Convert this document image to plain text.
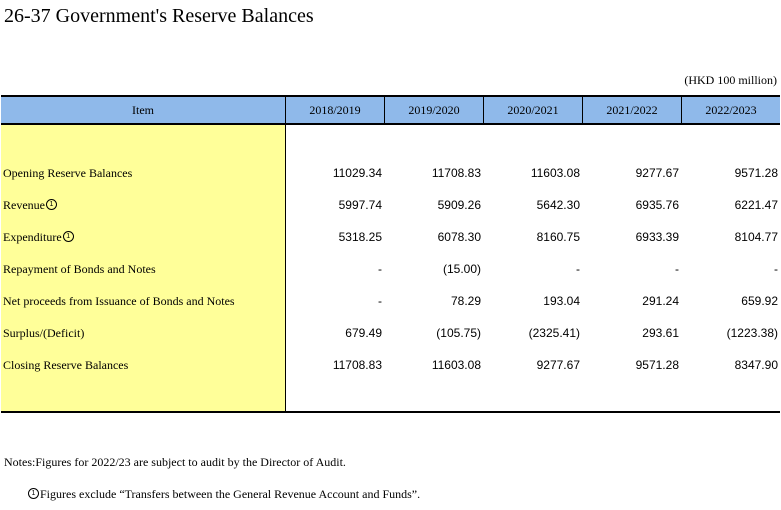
26-37 Government's Reserve Balances
(HKD 100 million)
Item	2018/2019	2019/2020	2020/2021	2021/2022	2022/2023
Opening Reserve Balances	11029.34	11708.83	11603.08	9277.67	9571.28
Revenue 1	5997.74	5909.26	5642.30	6935.76	6221.47
Expenditure 1	5318.25	6078.30	8160.75	6933.39	8104.77
Repayment of Bonds and Notes	-	(15.00)	-	-	-
Net proceeds from Issuance of Bonds and Notes	-	78.29	193.04	291.24	659.92
Surplus/(Deficit)	679.49	(105.75)	(2325.41)	293.61	(1223.38)
Closing Reserve Balances	11708.83	11603.08	9277.67	9571.28	8347.90
Notes:Figures for 2022/23 are subject to audit by the Director of Audit.
1 Figures exclude “Transfers between the General Revenue Account and Funds”.
